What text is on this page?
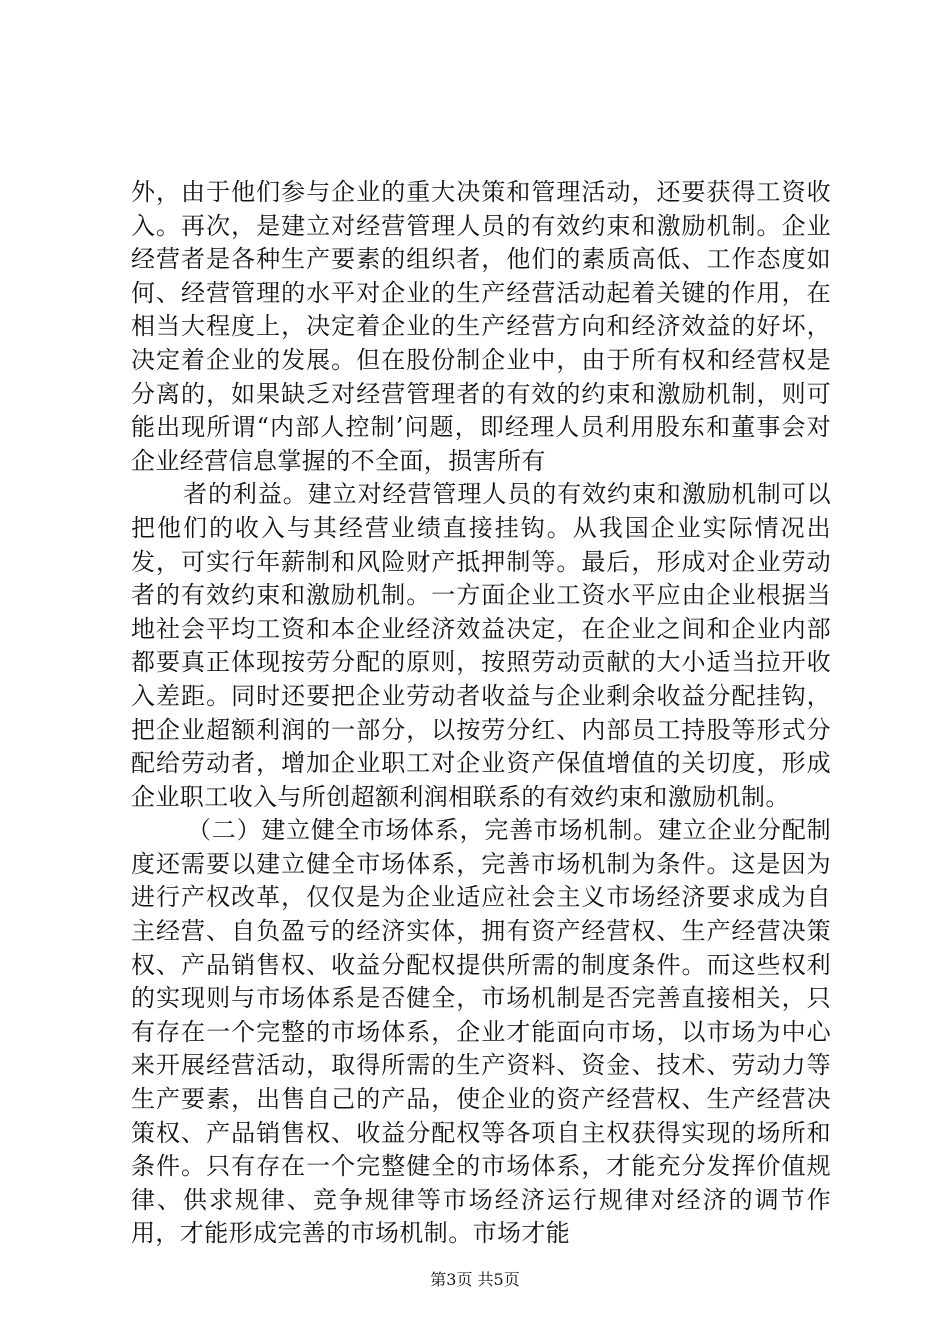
外，由于他们参与企业的重大决策和管理活动，还要获得工资收入。再次，是建立对经营管理人员的有效约束和激励机制。企业经营者是各种生产要素的组织者，他们的素质高低、工作态度如何、经营管理的水平对企业的生产经营活动起着关键的作用，在相当大程度上，决定着企业的生产经营方向和经济效益的好坏，决定着企业的发展。但在股份制企业中，由于所有权和经营权是分离的，如果缺乏对经营管理者的有效的约束和激励机制，则可能出现所谓“内部人控制’问题，即经理人员利用股东和董事会对企业经营信息掌握的不全面，损害所有

者的利益。建立对经营管理人员的有效约束和激励机制可以把他们的收入与其经营业绩直接挂钩。从我国企业实际情况出发，可实行年薪制和风险财产抵押制等。最后，形成对企业劳动者的有效约束和激励机制。一方面企业工资水平应由企业根据当地社会平均工资和本企业经济效益决定，在企业之间和企业内部都要真正体现按劳分配的原则，按照劳动贡献的大小适当拉开收入差距。同时还要把企业劳动者收益与企业剩余收益分配挂钩，把企业超额利润的一部分，以按劳分红、内部员工持股等形式分配给劳动者，增加企业职工对企业资产保值增值的关切度，形成企业职工收入与所创超额利润相联系的有效约束和激励机制。

（二）建立健全市场体系，完善市场机制。建立企业分配制度还需要以建立健全市场体系，完善市场机制为条件。这是因为进行产权改革，仅仅是为企业适应社会主义市场经济要求成为自主经营、自负盈亏的经济实体，拥有资产经营权、生产经营决策权、产品销售权、收益分配权提供所需的制度条件。而这些权利的实现则与市场体系是否健全，市场机制是否完善直接相关，只有存在一个完整的市场体系，企业才能面向市场，以市场为中心来开展经营活动，取得所需的生产资料、资金、技术、劳动力等生产要素，出售自己的产品，使企业的资产经营权、生产经营决策权、产品销售权、收益分配权等各项自主权获得实现的场所和条件。只有存在一个完整健全的市场体系，才能充分发挥价值规律、供求规律、竞争规律等市场经济运行规律对经济的调节作用，才能形成完善的市场机制。市场才能

第3页 共5页
